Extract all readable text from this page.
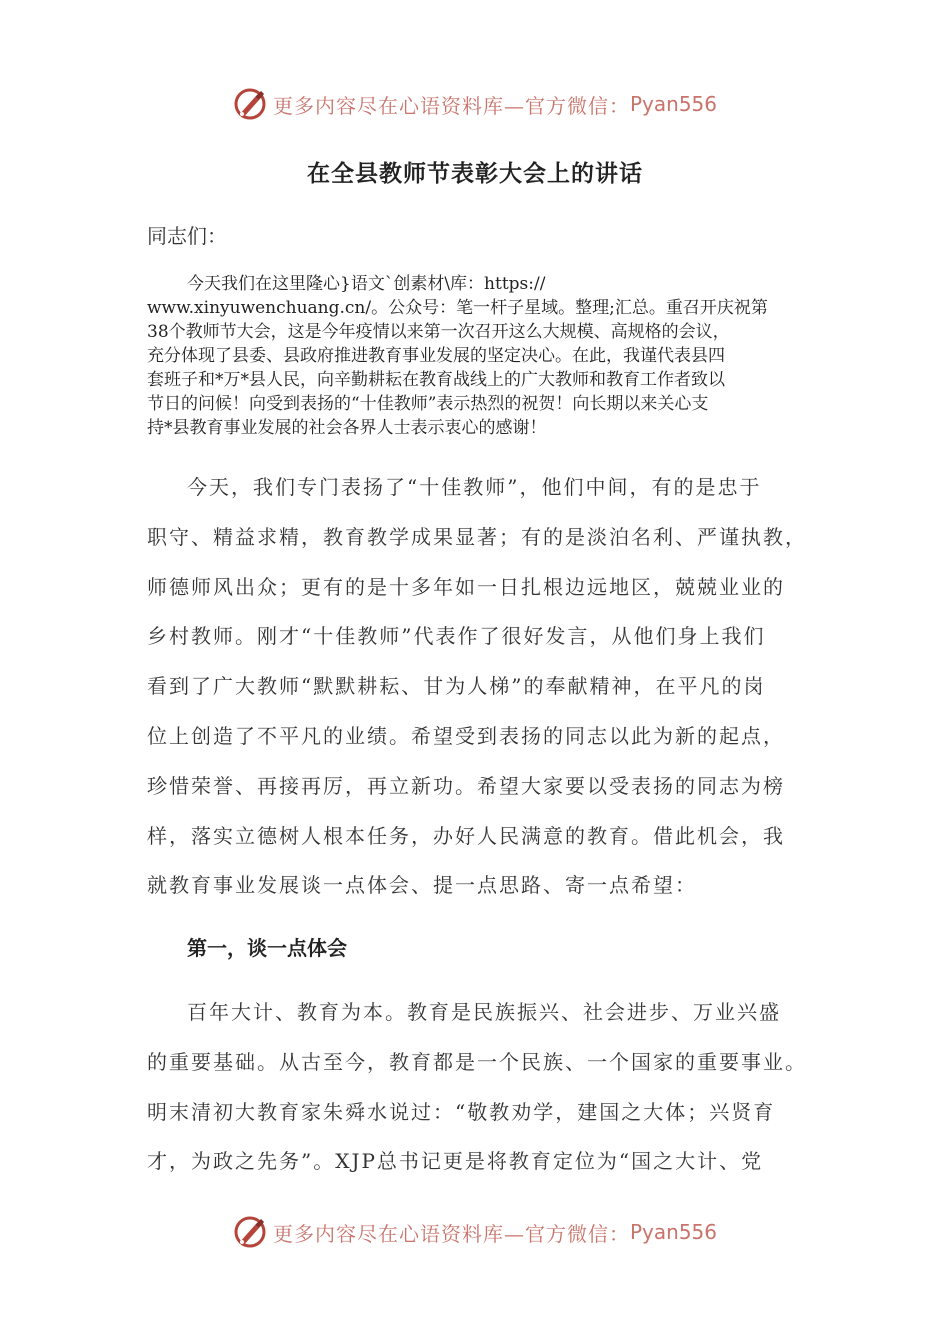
更多内容尽在心语资料库—官方微信： Pyan556
在全县教师节表彰大会上的讲话
同志们：
今天我们在这里隆心}语文`创素材\库：https://
www.xinyuwenchuang.cn/。公众号：笔一杆子星域。整理;汇总。重召开庆祝第
38个教师节大会，这是今年疫情以来第一次召开这么大规模、高规格的会议，
充分体现了县委、县政府推进教育事业发展的坚定决心。在此，我谨代表县四
套班子和*万*县人民，向辛勤耕耘在教育战线上的广大教师和教育工作者致以
节日的问候！向受到表扬的“十佳教师”表示热烈的祝贺！向长期以来关心支
持*县教育事业发展的社会各界人士表示衷心的感谢！
今天，我们专门表扬了“十佳教师”，他们中间，有的是忠于
职守、精益求精，教育教学成果显著；有的是淡泊名利、严谨执教，
师德师风出众；更有的是十多年如一日扎根边远地区，兢兢业业的
乡村教师。刚才“十佳教师”代表作了很好发言，从他们身上我们
看到了广大教师“默默耕耘、甘为人梯”的奉献精神，在平凡的岗
位上创造了不平凡的业绩。希望受到表扬的同志以此为新的起点，
珍惜荣誉、再接再厉，再立新功。希望大家要以受表扬的同志为榜
样，落实立德树人根本任务，办好人民满意的教育。借此机会，我
就教育事业发展谈一点体会、提一点思路、寄一点希望：
第一，谈一点体会
百年大计、教育为本。教育是民族振兴、社会进步、万业兴盛
的重要基础。从古至今，教育都是一个民族、一个国家的重要事业。
明末清初大教育家朱舜水说过：“敬教劝学，建国之大体；兴贤育
才，为政之先务”。XJP总书记更是将教育定位为“国之大计、党
更多内容尽在心语资料库—官方微信： Pyan556
